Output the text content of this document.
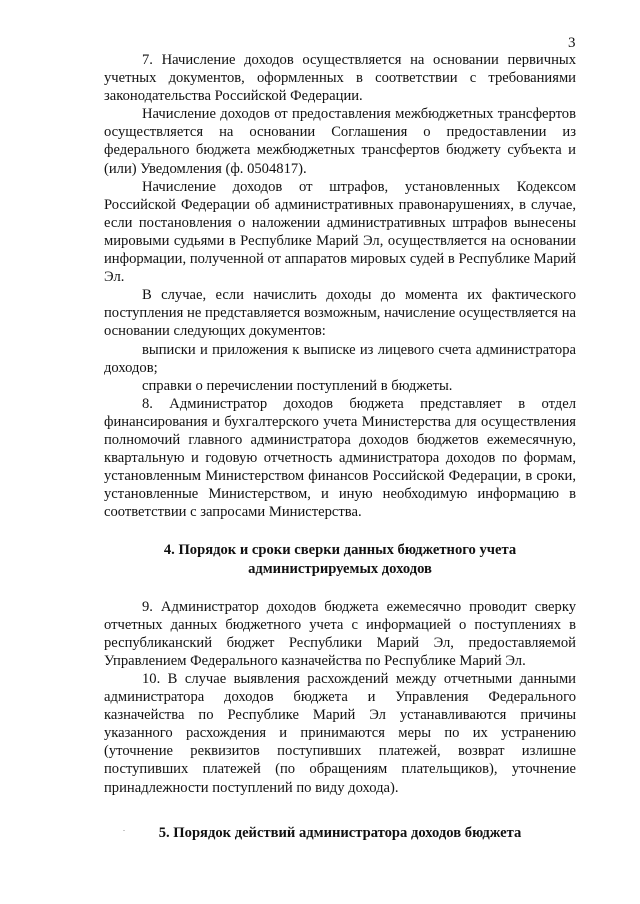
3

7. Начисление доходов осуществляется на основании первичных учетных документов, оформленных в соответствии с требованиями законодательства Российской Федерации.

Начисление доходов от предоставления межбюджетных трансфертов осуществляется на основании Соглашения о предоставлении из федерального бюджета межбюджетных трансфертов бюджету субъекта и (или) Уведомления (ф. 0504817).

Начисление доходов от штрафов, установленных Кодексом Российской Федерации об административных правонарушениях, в случае, если постановления о наложении административных штрафов вынесены мировыми судьями в Республике Марий Эл, осуществляется на основании информации, полученной от аппаратов мировых судей в Республике Марий Эл.

В случае, если начислить доходы до момента их фактического поступления не представляется возможным, начисление осуществляется на основании следующих документов:

выписки и приложения к выписке из лицевого счета администратора доходов;

справки о перечислении поступлений в бюджеты.

8. Администратор доходов бюджета представляет в отдел финансирования и бухгалтерского учета Министерства для осуществления полномочий главного администратора доходов бюджетов ежемесячную, квартальную и годовую отчетность администратора доходов по формам, установленным Министерством финансов Российской Федерации, в сроки, установленные Министерством, и иную необходимую информацию в соответствии с запросами Министерства.

4. Порядок и сроки сверки данных бюджетного учета
администрируемых доходов

9. Администратор доходов бюджета ежемесячно проводит сверку отчетных данных бюджетного учета с информацией о поступлениях в республиканский бюджет Республики Марий Эл, предоставляемой Управлением Федерального казначейства по Республике Марий Эл.

10. В случае выявления расхождений между отчетными данными администратора доходов бюджета и Управления Федерального казначейства по Республике Марий Эл устанавливаются причины указанного расхождения и принимаются меры по их устранению (уточнение реквизитов поступивших платежей, возврат излишне поступивших платежей (по обращениям плательщиков), уточнение принадлежности поступлений по виду дохода).

5. Порядок действий администратора доходов бюджета
